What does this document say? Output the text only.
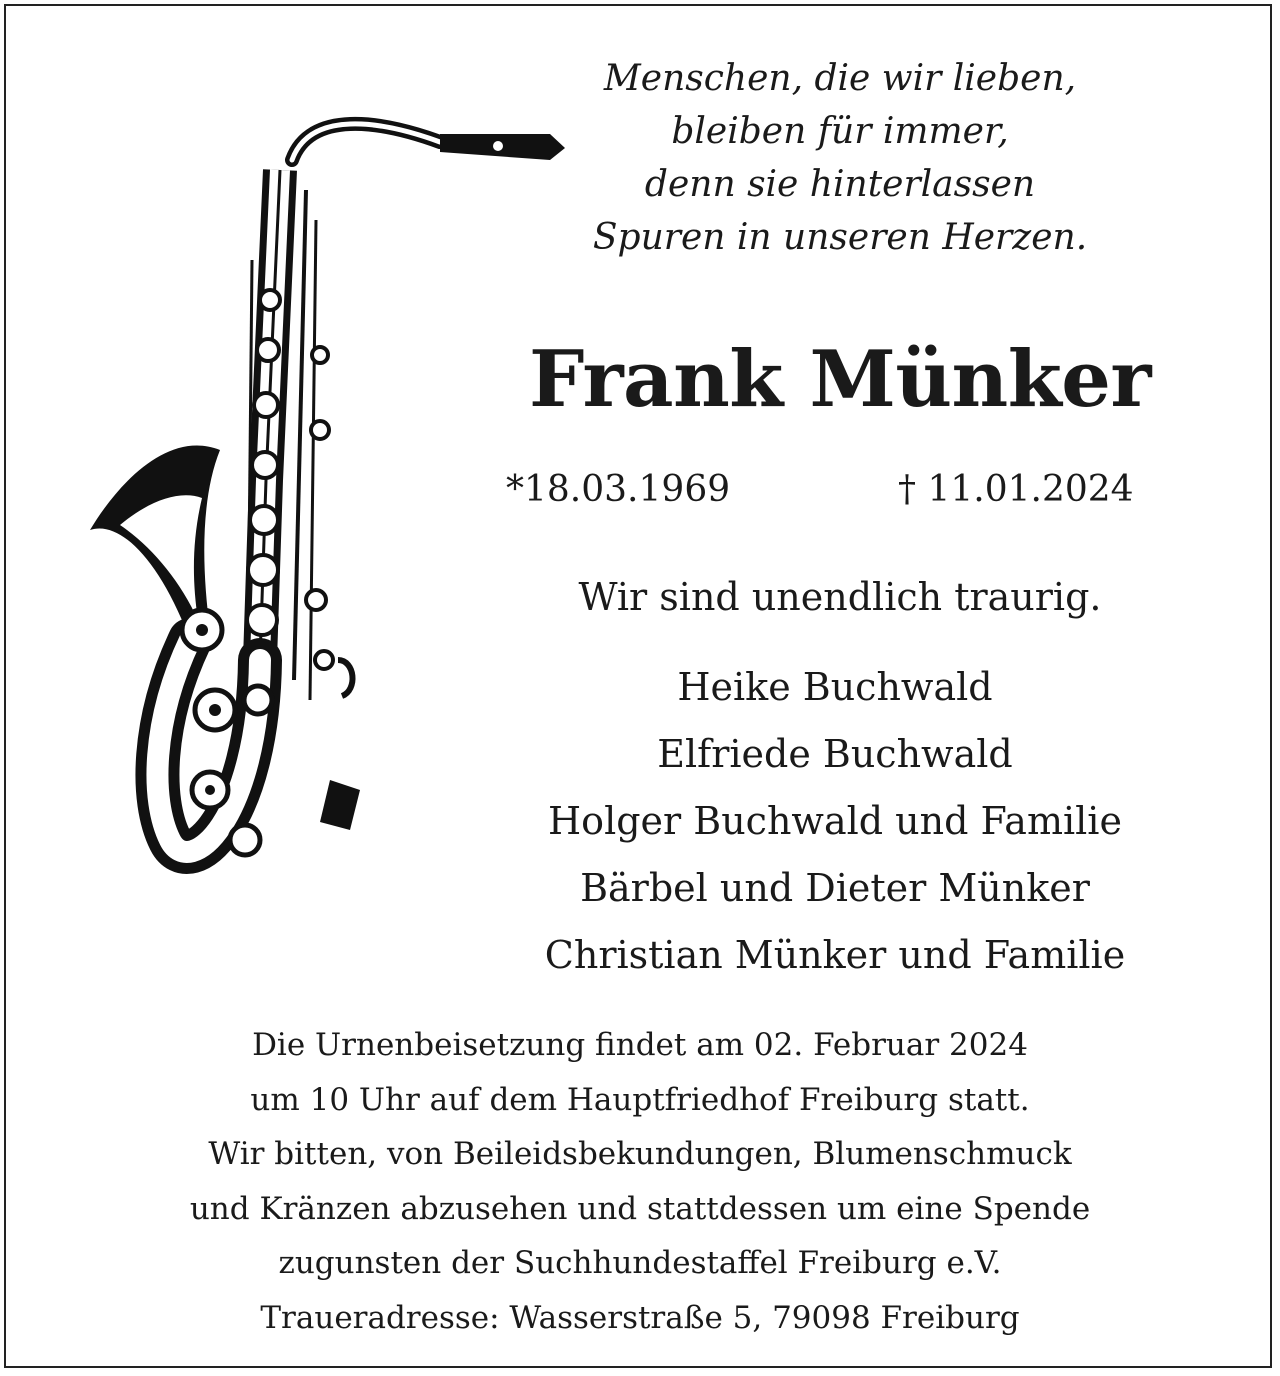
Menschen, die wir lieben,
bleiben für immer,
denn sie hinterlassen
Spuren in unseren Herzen.
Frank Münker
*18.03.1969	† 11.01.2024
Wir sind unendlich traurig.
Heike Buchwald
Elfriede Buchwald
Holger Buchwald und Familie
Bärbel und Dieter Münker
Christian Münker und Familie
Die Urnenbeisetzung findet am 02. Februar 2024
um 10 Uhr auf dem Hauptfriedhof Freiburg statt.
Wir bitten, von Beileidsbekundungen, Blumenschmuck
und Kränzen abzusehen und stattdessen um eine Spende
zugunsten der Suchhundestaffel Freiburg e.V.
Traueradresse: Wasserstraße 5, 79098 Freiburg
